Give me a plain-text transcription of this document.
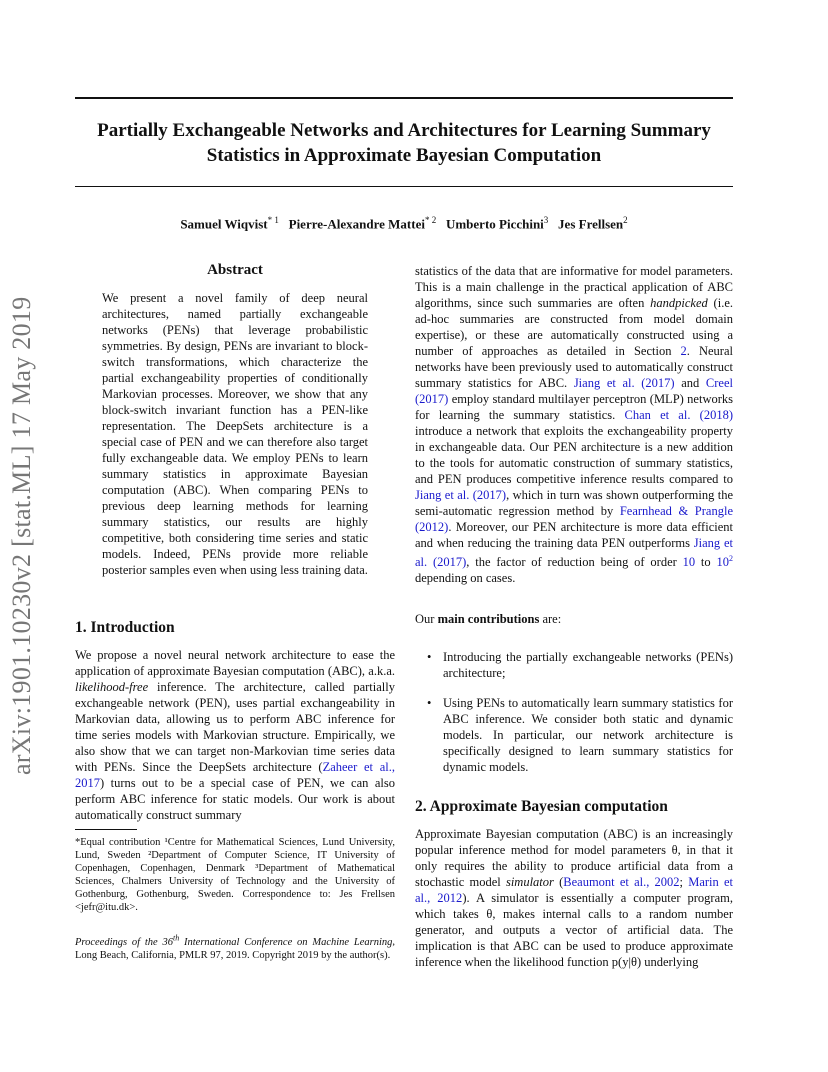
Partially Exchangeable Networks and Architectures for Learning Summary
Statistics in Approximate Bayesian Computation
Samuel Wiqvist$^{* 1}$ Pierre-Alexandre Mattei$^{* 2}$ Umberto Picchini$^3$ Jes Frellsen$^2$
arXiv:1901.10230v2 [stat.ML] 17 May 2019
Abstract
We present a novel family of deep neural architectures, named partially exchangeable networks (PENs) that leverage probabilistic symmetries. By design, PENs are invariant to block-switch transformations, which characterize the partial exchangeability properties of conditionally Markovian processes. Moreover, we show that any block-switch invariant function has a PEN-like representation. The DeepSets architecture is a special case of PEN and we can therefore also target fully exchangeable data. We employ PENs to learn summary statistics in approximate Bayesian computation (ABC). When comparing PENs to previous deep learning methods for learning summary statistics, our results are highly competitive, both considering time series and static models. Indeed, PENs provide more reliable posterior samples even when using less training data.
1. Introduction
We propose a novel neural network architecture to ease the application of approximate Bayesian computation (ABC), a.k.a. likelihood-free inference. The architecture, called partially exchangeable network (PEN), uses partial exchangeability in Markovian data, allowing us to perform ABC inference for time series models with Markovian structure. Empirically, we also show that we can target non-Markovian time series data with PENs. Since the DeepSets architecture (Zaheer et al., 2017) turns out to be a special case of PEN, we can also perform ABC inference for static models. Our work is about automatically construct summary
*Equal contribution ¹Centre for Mathematical Sciences, Lund University, Lund, Sweden ²Department of Computer Science, IT University of Copenhagen, Copenhagen, Denmark ³Department of Mathematical Sciences, Chalmers University of Technology and the University of Gothenburg, Gothenburg, Sweden. Correspondence to: Jes Frellsen <jefr@itu.dk>.
Proceedings of the 36th International Conference on Machine Learning, Long Beach, California, PMLR 97, 2019. Copyright 2019 by the author(s).
statistics of the data that are informative for model parameters. This is a main challenge in the practical application of ABC algorithms, since such summaries are often handpicked (i.e. ad-hoc summaries are constructed from model domain expertise), or these are automatically constructed using a number of approaches as detailed in Section 2. Neural networks have been previously used to automatically construct summary statistics for ABC. Jiang et al. (2017) and Creel (2017) employ standard multilayer perceptron (MLP) networks for learning the summary statistics. Chan et al. (2018) introduce a network that exploits the exchangeability property in exchangeable data. Our PEN architecture is a new addition to the tools for automatic construction of summary statistics, and PEN produces competitive inference results compared to Jiang et al. (2017), which in turn was shown outperforming the semi-automatic regression method by Fearnhead & Prangle (2012). Moreover, our PEN architecture is more data efficient and when reducing the training data PEN outperforms Jiang et al. (2017), the factor of reduction being of order 10 to $10^2$ depending on cases.
Our main contributions are:
• Introducing the partially exchangeable networks (PENs) architecture;
• Using PENs to automatically learn summary statistics for ABC inference. We consider both static and dynamic models. In particular, our network architecture is specifically designed to learn summary statistics for dynamic models.
2. Approximate Bayesian computation
Approximate Bayesian computation (ABC) is an increasingly popular inference method for model parameters θ, in that it only requires the ability to produce artificial data from a stochastic model simulator (Beaumont et al., 2002; Marin et al., 2012). A simulator is essentially a computer program, which takes θ, makes internal calls to a random number generator, and outputs a vector of artificial data. The implication is that ABC can be used to produce approximate inference when the likelihood function p(y|θ) underlying
